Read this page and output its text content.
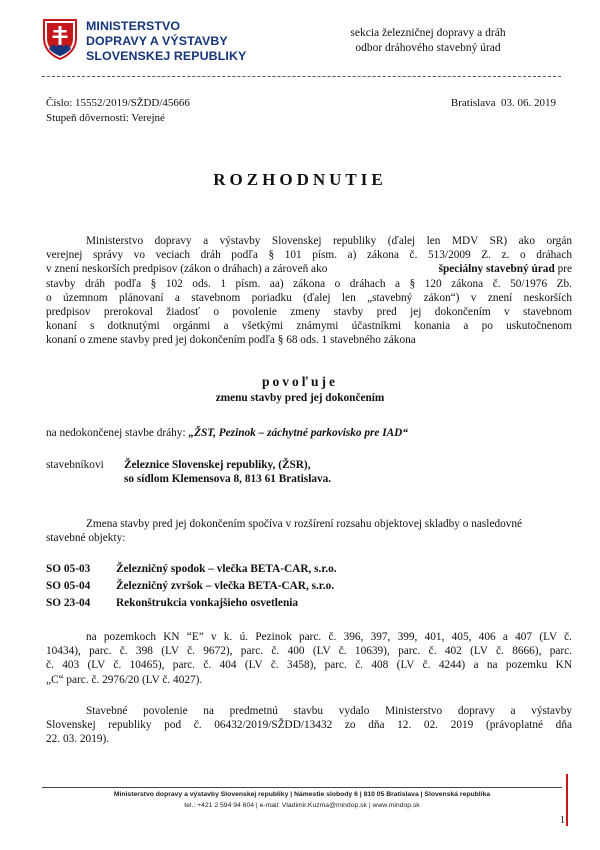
MINISTERSTVO
DOPRAVY A VÝSTAVBY
SLOVENSKEJ REPUBLIKY
sekcia železničnej dopravy a dráh
odbor dráhového stavebný úrad
Číslo: 15552/2019/SŽDD/45666
Stupeň dôvernosti: Verejné
Bratislava  03. 06. 2019
ROZHODNUTIE
Ministerstvo dopravy a výstavby Slovenskej republiky (ďalej len MDV SR) ako orgán
verejnej správy vo veciach dráh podľa § 101 písm. a) zákona č. 513/2009 Z. z. o dráhach
v znení neskorších predpisov (zákon o dráhach) a zároveň ako	špeciálny stavebný úrad pre
stavby dráh podľa § 102 ods. 1 písm. aa) zákona o dráhach a § 120 zákona č. 50/1976 Zb.
o územnom plánovaní a stavebnom poriadku (ďalej len „stavebný zákon“) v znení neskorších
predpisov prerokoval žiadosť o povolenie zmeny stavby pred jej dokončením v stavebnom
konaní s dotknutými orgánmi a všetkými známymi účastníkmi konania a po uskutočnenom
konaní o zmene stavby pred jej dokončením podľa § 68 ods. 1 stavebného zákona
povoľuje
zmenu stavby pred jej dokončením
na nedokončenej stavbe dráhy: „ŽST, Pezinok – záchytné parkovisko pre IAD“
stavebníkovi	Železnice Slovenskej republiky, (ŽSR),
so sídlom Klemensova 8, 813 61 Bratislava.
Zmena stavby pred jej dokončením spočíva v rozšírení rozsahu objektovej skladby o nasledovné
stavebné objekty:
SO 05-03 Železničný spodok – vlečka BETA-CAR, s.r.o.
SO 05-04 Železničný zvršok – vlečka BETA-CAR, s.r.o.
SO 23-04 Rekonštrukcia vonkajšieho osvetlenia
na pozemkoch KN “E” v k. ú. Pezinok parc. č. 396, 397, 399, 401, 405, 406 a 407 (LV č.
10434), parc. č. 398 (LV č. 9672), parc. č. 400 (LV č. 10639), parc. č. 402 (LV č. 8666), parc.
č. 403 (LV č. 10465), parc. č. 404 (LV č. 3458), parc. č. 408 (LV č. 4244) a na pozemku KN
„C“ parc. č. 2976/20 (LV č. 4027).
Stavebné povolenie na predmetnú stavbu vydalo Ministerstvo dopravy a výstavby
Slovenskej republiky pod č. 06432/2019/SŽDD/13432 zo dňa 12. 02. 2019 (právoplatné dňa
22. 03. 2019).
Ministerstvo dopravy a výstavby Slovenskej republiky | Námestie slobody 6 | 810 05 Bratislava | Slovenská republika
tel.: +421 2 594 94 604 | e-mail: Vladimir.Kuzma@mindop.sk | www.mindop.sk
1
